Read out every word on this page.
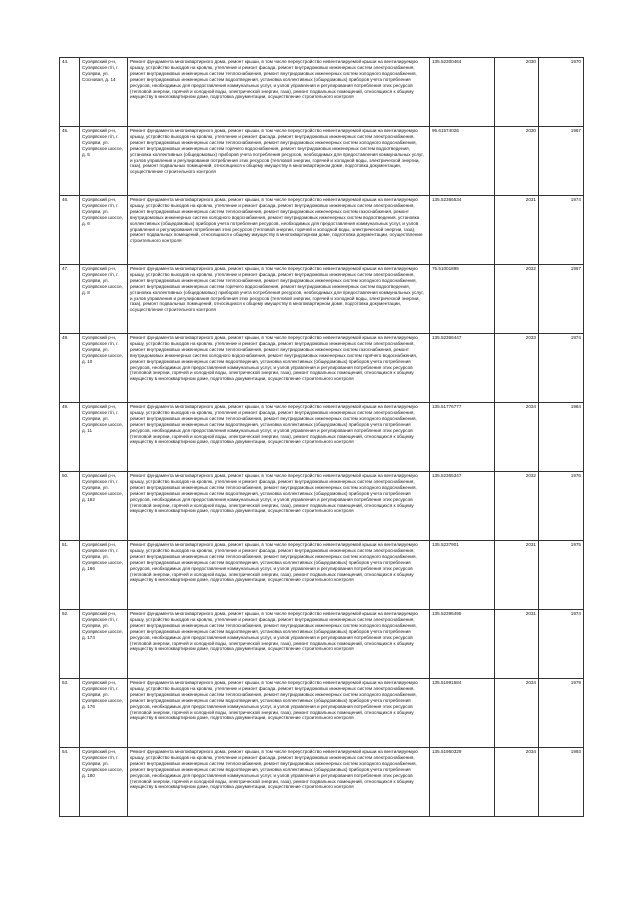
44.	Суоярвский р-н, Суоярвское г/п, г. Суоярви, ул. Сосновая, д. 14	Ремонт фундамента многоквартирного дома, ремонт крыши, в том числе переустройство невентилируемой крыши на вентилируемую крышу, устройство выходов на кровлю, утепление и ремонт фасада, ремонт внутридомовых инженерных систем электроснабжения, ремонт внутридомовых инженерных систем теплоснабжения, ремонт внутридомовых инженерных систем холодного водоснабжения, ремонт внутридомовых инженерных систем водоотведения, установка коллективных (общедомовых) приборов учета потребления ресурсов, необходимых для предоставления коммунальных услуг, и узлов управления и регулирования потребления этих ресурсов (тепловой энергии, горячей и холодной воды, электрической энергии, газа), ремонт подвальных помещений, относящихся к общему имуществу в многоквартирном доме, подготовка документации, осуществление строительного контроля	135.52300464	2030	1970
45.	Суоярвский р-н, Суоярвское г/п, г. Суоярви, ул. Суоярвское шоссе, д. 5	Ремонт фундамента многоквартирного дома, ремонт крыши, в том числе переустройство невентилируемой крыши на вентилируемую крышу, устройство выходов на кровлю, утепление и ремонт фасада, ремонт внутридомовых инженерных систем электроснабжения, ремонт внутридомовых инженерных систем теплоснабжения, ремонт внутридомовых инженерных систем холодного водоснабжения, ремонт внутридомовых инженерных систем горячего водоснабжения, ремонт внутридомовых инженерных систем водоотведения, установка коллективных (общедомовых) приборов учета потребления ресурсов, необходимых для предоставления коммунальных услуг, и узлов управления и регулирования потребления этих ресурсов (тепловой энергии, горячей и холодной воды, электрической энергии, газа), ремонт подвальных помещений, относящихся к общему имуществу в многоквартирном доме, подготовка документации, осуществление строительного контроля	95.61574026	2030	1967
46.	Суоярвский р-н, Суоярвское г/п, г. Суоярви, ул. Суоярвское шоссе, д. 6	Ремонт фундамента многоквартирного дома, ремонт крыши, в том числе переустройство невентилируемой крыши на вентилируемую крышу, устройство выходов на кровлю, утепление и ремонт фасада, ремонт внутридомовых инженерных систем электроснабжения, ремонт внутридомовых инженерных систем теплоснабжения, ремонт внутридомовых инженерных систем газоснабжения, ремонт внутридомовых инженерных систем холодного водоснабжения, ремонт внутридомовых инженерных систем водоотведения, установка коллективных (общедомовых) приборов учета потребления ресурсов, необходимых для предоставления коммунальных услуг, и узлов управления и регулирования потребления этих ресурсов (тепловой энергии, горячей и холодной воды, электрической энергии, газа), ремонт подвальных помещений, относящихся к общему имуществу в многоквартирном доме, подготовка документации, осуществление строительного контроля	135.52366534	2031	1974
47.	Суоярвский р-н, Суоярвское г/п, г. Суоярви, ул. Суоярвское шоссе, д. 8	Ремонт фундамента многоквартирного дома, ремонт крыши, в том числе переустройство невентилируемой крыши на вентилируемую крышу, устройство выходов на кровлю, утепление и ремонт фасада, ремонт внутридомовых инженерных систем электроснабжения, ремонт внутридомовых инженерных систем теплоснабжения, ремонт внутридомовых инженерных систем холодного водоснабжения, ремонт внутридомовых инженерных систем горячего водоснабжения, ремонт внутридомовых инженерных систем водоотведения, установка коллективных (общедомовых) приборов учета потребления ресурсов, необходимых для предоставления коммунальных услуг, и узлов управления и регулирования потребления этих ресурсов (тепловой энергии, горячей и холодной воды, электрической энергии, газа), ремонт подвальных помещений, относящихся к общему имуществу в многоквартирном доме, подготовка документации, осуществление строительного контроля	75.51001895	2032	1967
48.	Суоярвский р-н, Суоярвское г/п, г. Суоярви, ул. Суоярвское шоссе, д. 10	Ремонт фундамента многоквартирного дома, ремонт крыши, в том числе переустройство невентилируемой крыши на вентилируемую крышу, устройство выходов на кровлю, утепление и ремонт фасада, ремонт внутридомовых инженерных систем электроснабжения, ремонт внутридомовых инженерных систем теплоснабжения, ремонт внутридомовых инженерных систем газоснабжения, ремонт внутридомовых инженерных систем холодного водоснабжения, ремонт внутридомовых инженерных систем горячего водоснабжения, ремонт внутридомовых инженерных систем водоотведения, установка коллективных (общедомовых) приборов учета потребления ресурсов, необходимых для предоставления коммунальных услуг, и узлов управления и регулирования потребления этих ресурсов (тепловой энергии, горячей и холодной воды, электрической энергии, газа), ремонт подвальных помещений, относящихся к общему имуществу в многоквартирном доме, подготовка документации, осуществление строительного контроля	135.52366447	2033	1974
49.	Суоярвский р-н, Суоярвское г/п, г. Суоярви, ул. Суоярвское шоссе, д. 11	Ремонт фундамента многоквартирного дома, ремонт крыши, в том числе переустройство невентилируемой крыши на вентилируемую крышу, устройство выходов на кровлю, утепление и ремонт фасада, ремонт внутридомовых инженерных систем электроснабжения, ремонт внутридомовых инженерных систем теплоснабжения, ремонт внутридомовых инженерных систем холодного водоснабжения, ремонт внутридомовых инженерных систем водоотведения, установка коллективных (общедомовых) приборов учета потребления ресурсов, необходимых для предоставления коммунальных услуг, и узлов управления и регулирования потребления этих ресурсов (тепловой энергии, горячей и холодной воды, электрической энергии, газа), ремонт подвальных помещений, относящихся к общему имуществу в многоквартирном доме, подготовка документации, осуществление строительного контроля	135.51776777	2034	1984
50.	Суоярвский р-н, Суоярвское г/п, г. Суоярви, ул. Суоярвское шоссе, д. 162	Ремонт фундамента многоквартирного дома, ремонт крыши, в том числе переустройство невентилируемой крыши на вентилируемую крышу, устройство выходов на кровлю, утепление и ремонт фасада, ремонт внутридомовых инженерных систем электроснабжения, ремонт внутридомовых инженерных систем теплоснабжения, ремонт внутридомовых инженерных систем холодного водоснабжения, ремонт внутридомовых инженерных систем водоотведения, установка коллективных (общедомовых) приборов учета потребления ресурсов, необходимых для предоставления коммунальных услуг, и узлов управления и регулирования потребления этих ресурсов (тепловой энергии, горячей и холодной воды, электрической энергии, газа), ремонт подвальных помещений, относящихся к общему имуществу в многоквартирном доме, подготовка документации, осуществление строительного контроля	135.52365347	2032	1976
51.	Суоярвский р-н, Суоярвское г/п, г. Суоярви, ул. Суоярвское шоссе, д. 166	Ремонт фундамента многоквартирного дома, ремонт крыши, в том числе переустройство невентилируемой крыши на вентилируемую крышу, устройство выходов на кровлю, утепление и ремонт фасада, ремонт внутридомовых инженерных систем электроснабжения, ремонт внутридомовых инженерных систем теплоснабжения, ремонт внутридомовых инженерных систем холодного водоснабжения, ремонт внутридомовых инженерных систем водоотведения, установка коллективных (общедомовых) приборов учета потребления ресурсов, необходимых для предоставления коммунальных услуг, и узлов управления и регулирования потребления этих ресурсов (тепловой энергии, горячей и холодной воды, электрической энергии, газа), ремонт подвальных помещений, относящихся к общему имуществу в многоквартирном доме, подготовка документации, осуществление строительного контроля	135.5237901	2031	1975
52.	Суоярвский р-н, Суоярвское г/п, г. Суоярви, ул. Суоярвское шоссе, д. 174	Ремонт фундамента многоквартирного дома, ремонт крыши, в том числе переустройство невентилируемой крыши на вентилируемую крышу, устройство выходов на кровлю, утепление и ремонт фасада, ремонт внутридомовых инженерных систем электроснабжения, ремонт внутридомовых инженерных систем теплоснабжения, ремонт внутридомовых инженерных систем холодного водоснабжения, ремонт внутридомовых инженерных систем водоотведения, установка коллективных (общедомовых) приборов учета потребления ресурсов, необходимых для предоставления коммунальных услуг, и узлов управления и регулирования потребления этих ресурсов (тепловой энергии, горячей и холодной воды, электрической энергии, газа), ремонт подвальных помещений, относящихся к общему имуществу в многоквартирном доме, подготовка документации, осуществление строительного контроля	135.52396495	2031	1974
53.	Суоярвский р-н, Суоярвское г/п, г. Суоярви, ул. Суоярвское шоссе, д. 176	Ремонт фундамента многоквартирного дома, ремонт крыши, в том числе переустройство невентилируемой крыши на вентилируемую крышу, устройство выходов на кровлю, утепление и ремонт фасада, ремонт внутридомовых инженерных систем электроснабжения, ремонт внутридомовых инженерных систем теплоснабжения, ремонт внутридомовых инженерных систем холодного водоснабжения, ремонт внутридомовых инженерных систем водоотведения, установка коллективных (общедомовых) приборов учета потребления ресурсов, необходимых для предоставления коммунальных услуг, и узлов управления и регулирования потребления этих ресурсов (тепловой энергии, горячей и холодной воды, электрической энергии, газа), ремонт подвальных помещений, относящихся к общему имуществу в многоквартирном доме, подготовка документации, осуществление строительного контроля	135.51991584	2034	1979
54.	Суоярвский р-н, Суоярвское г/п, г. Суоярви, ул. Суоярвское шоссе, д. 180	Ремонт фундамента многоквартирного дома, ремонт крыши, в том числе переустройство невентилируемой крыши на вентилируемую крышу, устройство выходов на кровлю, утепление и ремонт фасада, ремонт внутридомовых инженерных систем электроснабжения, ремонт внутридомовых инженерных систем теплоснабжения, ремонт внутридомовых инженерных систем холодного водоснабжения, ремонт внутридомовых инженерных систем водоотведения, установка коллективных (общедомовых) приборов учета потребления ресурсов, необходимых для предоставления коммунальных услуг, и узлов управления и регулирования потребления этих ресурсов (тепловой энергии, горячей и холодной воды, электрической энергии, газа), ремонт подвальных помещений, относящихся к общему имуществу в многоквартирном доме, подготовка документации, осуществление строительного контроля	135.51960329	2034	1993
